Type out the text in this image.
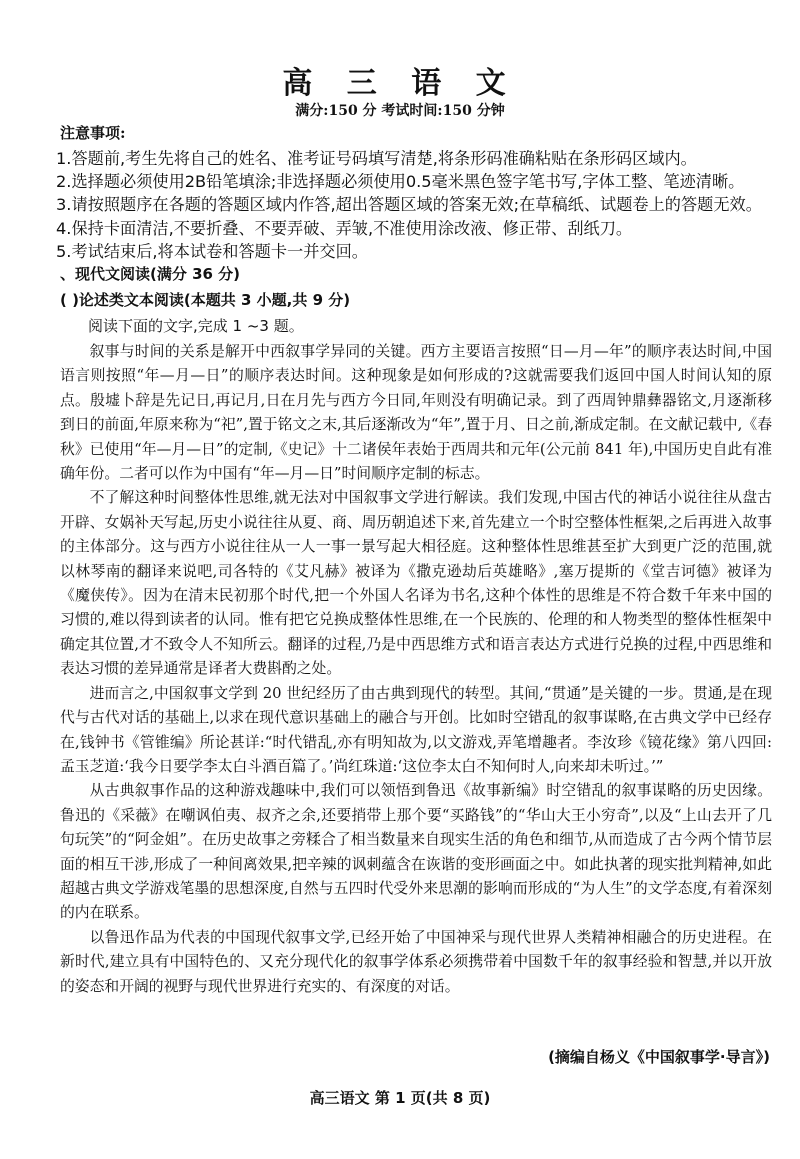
高 三 语 文
满分:150 分 考试时间:150 分钟
注意事项:
1.答题前,考生先将自己的姓名、准考证号码填写清楚,将条形码准确粘贴在条形码区域内。
2.选择题必须使用2B铅笔填涂;非选择题必须使用0.5毫米黑色签字笔书写,字体工整、笔迹清晰。
3.请按照题序在各题的答题区域内作答,超出答题区域的答案无效;在草稿纸、试题卷上的答题无效。
4.保持卡面清洁,不要折叠、不要弄破、弄皱,不准使用涂改液、修正带、刮纸刀。
5.考试结束后,将本试卷和答题卡一并交回。
、现代文阅读(满分 36 分)
( )论述类文本阅读(本题共 3 小题,共 9 分)
阅读下面的文字,完成 1 ~3 题。

叙事与时间的关系是解开中西叙事学异同的关键。西方主要语言按照“日—月—年”的顺序表达时间,中国语言则按照“年—月—日”的顺序表达时间。这种现象是如何形成的?这就需要我们返回中国人时间认知的原点。殷墟卜辞是先记日,再记月,日在月先与西方今日同,年则没有明确记录。到了西周钟鼎彝器铭文,月逐渐移到日的前面,年原来称为“祀”,置于铭文之末,其后逐渐改为“年”,置于月、日之前,渐成定制。在文献记载中,《春秋》已使用“年—月—日”的定制,《史记》十二诸侯年表始于西周共和元年(公元前 841 年),中国历史自此有准确年份。二者可以作为中国有“年—月—日”时间顺序定制的标志。

不了解这种时间整体性思维,就无法对中国叙事文学进行解读。我们发现,中国古代的神话小说往往从盘古开辟、女娲补天写起,历史小说往往从夏、商、周历朝追述下来,首先建立一个时空整体性框架,之后再进入故事的主体部分。这与西方小说往往从一人一事一景写起大相径庭。这种整体性思维甚至扩大到更广泛的范围,就以林琴南的翻译来说吧,司各特的《艾凡赫》被译为《撒克逊劫后英雄略》,塞万提斯的《堂吉诃德》被译为《魔侠传》。因为在清末民初那个时代,把一个外国人名译为书名,这种个体性的思维是不符合数千年来中国的习惯的,难以得到读者的认同。惟有把它兑换成整体性思维,在一个民族的、伦理的和人物类型的整体性框架中确定其位置,才不致令人不知所云。翻译的过程,乃是中西思维方式和语言表达方式进行兑换的过程,中西思维和表达习惯的差异通常是译者大费斟酌之处。

进而言之,中国叙事文学到 20 世纪经历了由古典到现代的转型。其间,“贯通”是关键的一步。贯通,是在现代与古代对话的基础上,以求在现代意识基础上的融合与开创。比如时空错乱的叙事谋略,在古典文学中已经存在,钱钟书《管锥编》所论甚详:“时代错乱,亦有明知故为,以文游戏,弄笔增趣者。李汝珍《镜花缘》第八四回:孟玉芝道:‘我今日要学李太白斗酒百篇了。’尚红珠道:‘这位李太白不知何时人,向来却未听过。’”

从古典叙事作品的这种游戏趣味中,我们可以领悟到鲁迅《故事新编》时空错乱的叙事谋略的历史因缘。鲁迅的《采薇》在嘲讽伯夷、叔齐之余,还要捎带上那个要“买路钱”的“华山大王小穷奇”,以及“上山去开了几句玩笑”的“阿金姐”。在历史故事之旁糅合了相当数量来自现实生活的角色和细节,从而造成了古今两个情节层面的相互干涉,形成了一种间离效果,把辛辣的讽刺蕴含在诙谐的变形画面之中。如此执著的现实批判精神,如此超越古典文学游戏笔墨的思想深度,自然与五四时代受外来思潮的影响而形成的“为人生”的文学态度,有着深刻的内在联系。

以鲁迅作品为代表的中国现代叙事文学,已经开始了中国神采与现代世界人类精神相融合的历史进程。在新时代,建立具有中国特色的、又充分现代化的叙事学体系必须携带着中国数千年的叙事经验和智慧,并以开放的姿态和开阔的视野与现代世界进行充实的、有深度的对话。

(摘编自杨义《中国叙事学·导言》)
高三语文 第 1 页(共 8 页)
